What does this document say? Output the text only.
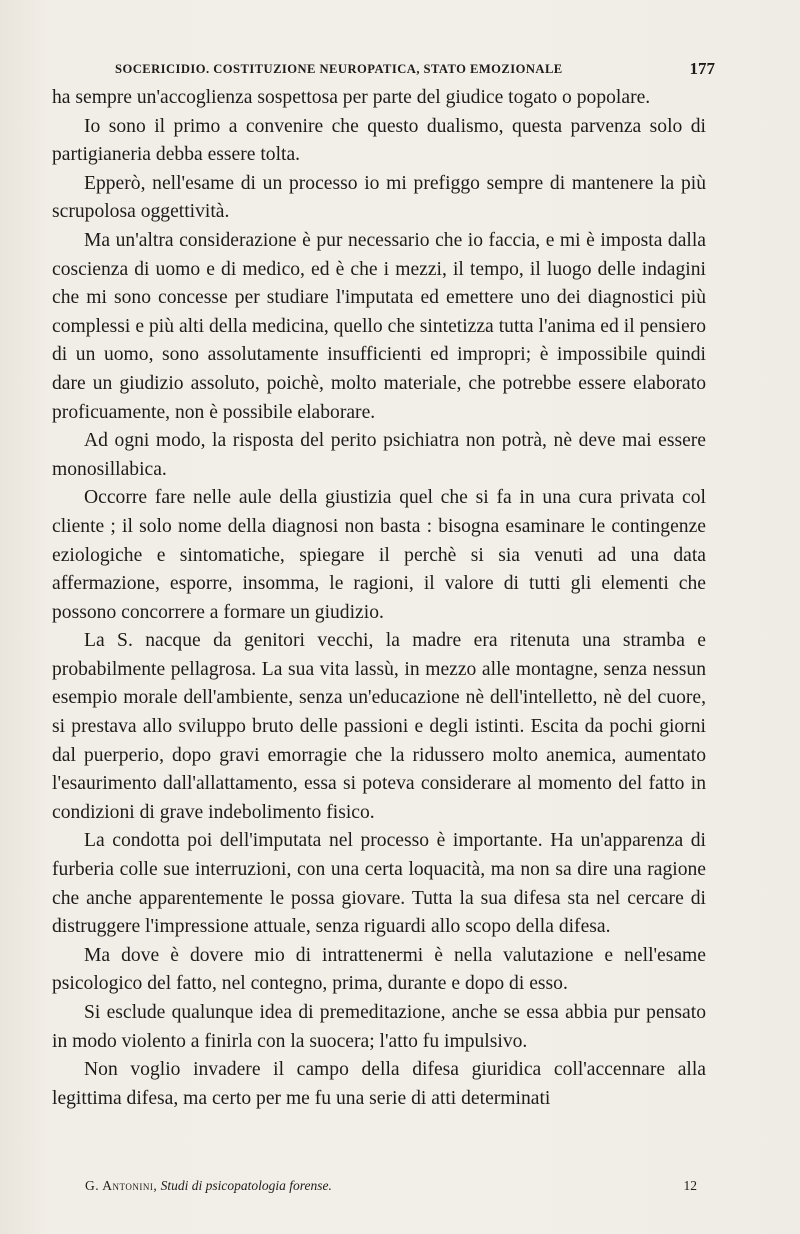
SOCERICIDIO. COSTITUZIONE NEUROPATICA, STATO EMOZIONALE	177

ha sempre un'accoglienza sospettosa per parte del giudice togato o popolare.

Io sono il primo a convenire che questo dualismo, questa parvenza solo di partigianeria debba essere tolta.

Epperò, nell'esame di un processo io mi prefiggo sempre di mantenere la più scrupolosa oggettività.

Ma un'altra considerazione è pur necessario che io faccia, e mi è imposta dalla coscienza di uomo e di medico, ed è che i mezzi, il tempo, il luogo delle indagini che mi sono concesse per studiare l'imputata ed emettere uno dei diagnostici più complessi e più alti della medicina, quello che sintetizza tutta l'anima ed il pensiero di un uomo, sono assolutamente insufficienti ed impropri; è impossibile quindi dare un giudizio assoluto, poichè, molto materiale, che potrebbe essere elaborato proficuamente, non è possibile elaborare.

Ad ogni modo, la risposta del perito psichiatra non potrà, nè deve mai essere monosillabica.

Occorre fare nelle aule della giustizia quel che si fa in una cura privata col cliente ; il solo nome della diagnosi non basta : bisogna esaminare le contingenze eziologiche e sintomatiche, spiegare il perchè si sia venuti ad una data affermazione, esporre, insomma, le ragioni, il valore di tutti gli elementi che possono concorrere a formare un giudizio.

La S. nacque da genitori vecchi, la madre era ritenuta una stramba e probabilmente pellagrosa. La sua vita lassù, in mezzo alle montagne, senza nessun esempio morale dell'ambiente, senza un'educazione nè dell'intelletto, nè del cuore, si prestava allo sviluppo bruto delle passioni e degli istinti. Escita da pochi giorni dal puerperio, dopo gravi emorragie che la ridussero molto anemica, aumentato l'esaurimento dall'allattamento, essa si poteva considerare al momento del fatto in condizioni di grave indebolimento fisico.

La condotta poi dell'imputata nel processo è importante. Ha un'apparenza di furberia colle sue interruzioni, con una certa loquacità, ma non sa dire una ragione che anche apparentemente le possa giovare. Tutta la sua difesa sta nel cercare di distruggere l'impressione attuale, senza riguardi allo scopo della difesa.

Ma dove è dovere mio di intrattenermi è nella valutazione e nell'esame psicologico del fatto, nel contegno, prima, durante e dopo di esso.

Si esclude qualunque idea di premeditazione, anche se essa abbia pur pensato in modo violento a finirla con la suocera; l'atto fu impulsivo.

Non voglio invadere il campo della difesa giuridica coll'accennare alla legittima difesa, ma certo per me fu una serie di atti determinati

G. Antonini, Studi di psicopatologia forense.	12
